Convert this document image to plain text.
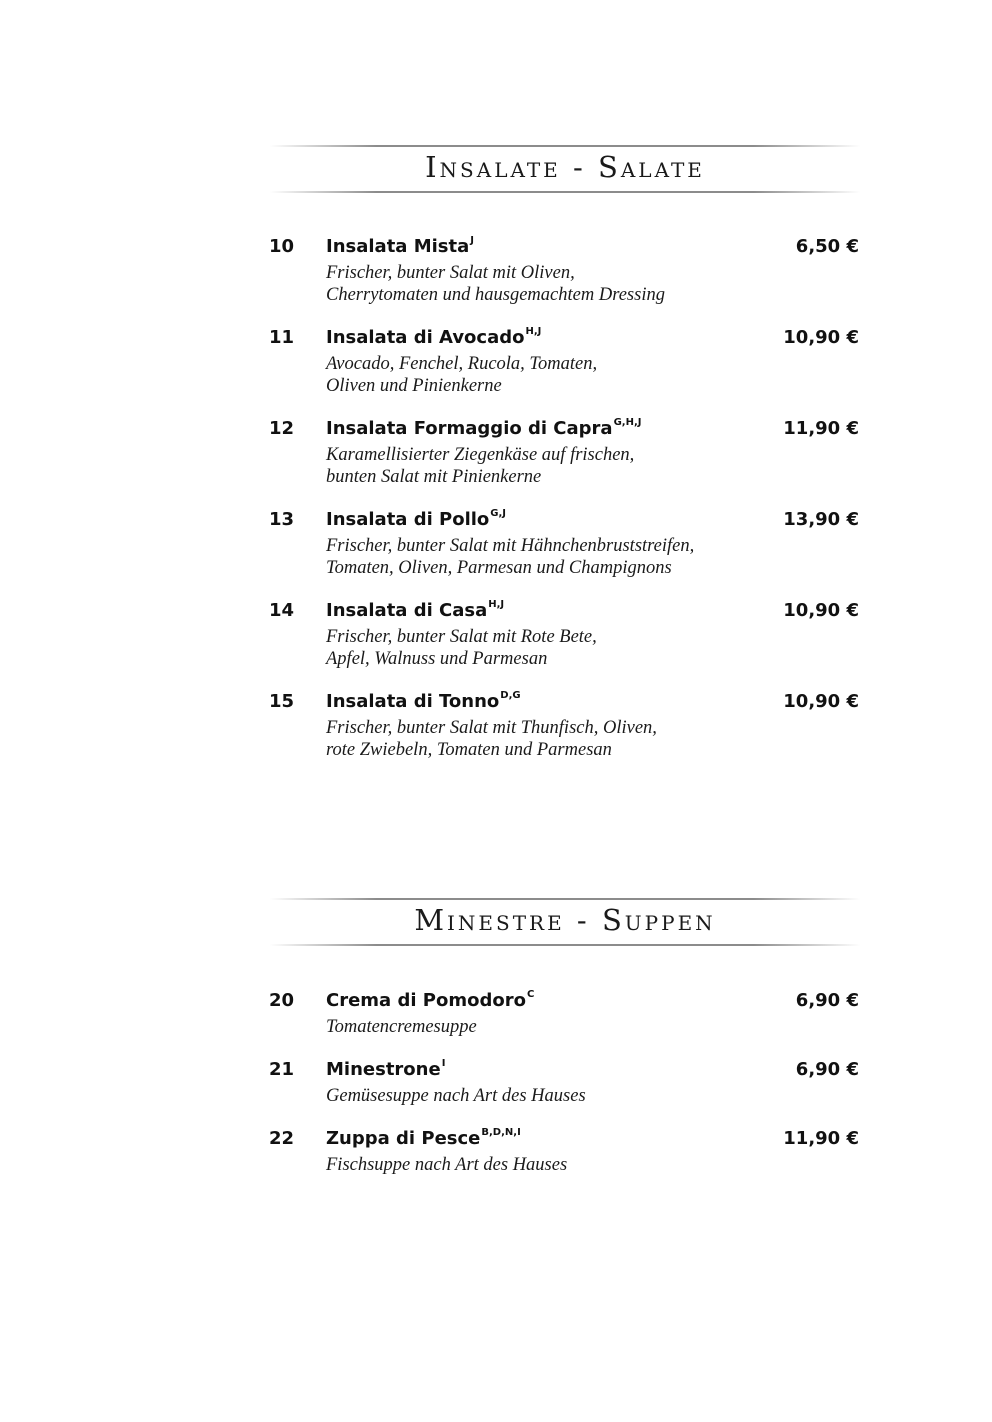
Insalate - Salate
10 Insalata Mista$^J$	6,50 €
Frischer, bunter Salat mit Oliven,
Cherrytomaten und hausgemachtem Dressing
11 Insalata di Avocado$^{H,J}$	10,90 €
Avocado, Fenchel, Rucola, Tomaten,
Oliven und Pinienkerne
12 Insalata Formaggio di Capra$^{G,H,J}$	11,90 €
Karamellisierter Ziegenkäse auf frischen,
bunten Salat mit Pinienkerne
13 Insalata di Pollo$^{G,J}$	13,90 €
Frischer, bunter Salat mit Hähnchenbruststreifen,
Tomaten, Oliven, Parmesan und Champignons
14 Insalata di Casa$^{H,J}$	10,90 €
Frischer, bunter Salat mit Rote Bete,
Apfel, Walnuss und Parmesan
15 Insalata di Tonno$^{D,G}$	10,90 €
Frischer, bunter Salat mit Thunfisch, Oliven,
rote Zwiebeln, Tomaten und Parmesan
Minestre - Suppen
20 Crema di Pomodoro$^C$	6,90 €
Tomatencremesuppe
21 Minestrone$^I$	6,90 €
Gemüsesuppe nach Art des Hauses
22 Zuppa di Pesce$^{B,D,N,I}$	11,90 €
Fischsuppe nach Art des Hauses
